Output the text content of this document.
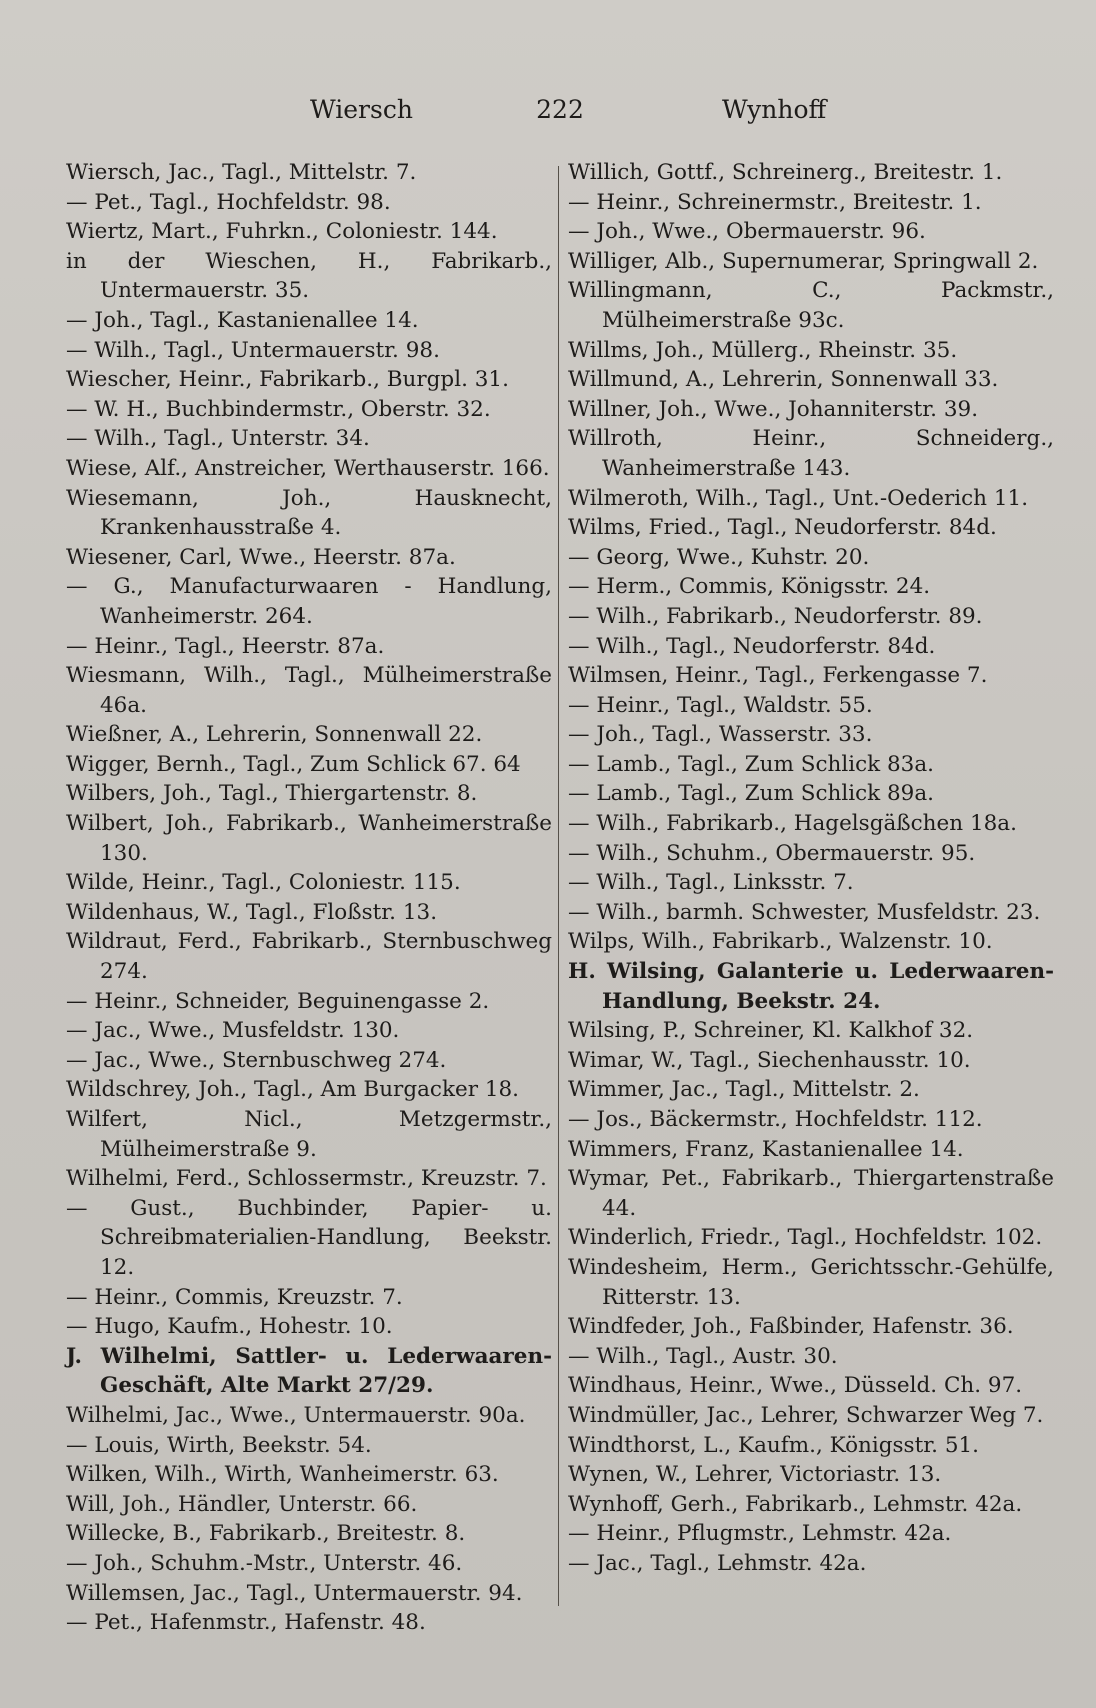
Wiersch	222	Wynhoff

Wiersch, Jac., Tagl., Mittelstr. 7.

— Pet., Tagl., Hochfeldstr. 98.

Wiertz, Mart., Fuhrkn., Coloniestr. 144.

in der Wieschen, H., Fabrikarb., Untermauerstr. 35.

— Joh., Tagl., Kastanienallee 14.

— Wilh., Tagl., Untermauerstr. 98.

Wiescher, Heinr., Fabrikarb., Burgpl. 31.

— W. H., Buchbindermstr., Oberstr. 32.

— Wilh., Tagl., Unterstr. 34.

Wiese, Alf., Anstreicher, Werthauserstr. 166.

Wiesemann, Joh., Hausknecht, Krankenhausstraße 4.

Wiesener, Carl, Wwe., Heerstr. 87a.

— G., Manufacturwaaren - Handlung, Wanheimerstr. 264.

— Heinr., Tagl., Heerstr. 87a.

Wiesmann, Wilh., Tagl., Mülheimerstraße 46a.

Wießner, A., Lehrerin, Sonnenwall 22.

Wigger, Bernh., Tagl., Zum Schlick 67. 64

Wilbers, Joh., Tagl., Thiergartenstr. 8.

Wilbert, Joh., Fabrikarb., Wanheimerstraße 130.

Wilde, Heinr., Tagl., Coloniestr. 115.

Wildenhaus, W., Tagl., Floßstr. 13.

Wildraut, Ferd., Fabrikarb., Sternbuschweg 274.

— Heinr., Schneider, Beguinengasse 2.

— Jac., Wwe., Musfeldstr. 130.

— Jac., Wwe., Sternbuschweg 274.

Wildschrey, Joh., Tagl., Am Burgacker 18.

Wilfert, Nicl., Metzgermstr., Mülheimerstraße 9.

Wilhelmi, Ferd., Schlossermstr., Kreuzstr. 7.

— Gust., Buchbinder, Papier- u. Schreibmaterialien-Handlung, Beekstr. 12.

— Heinr., Commis, Kreuzstr. 7.

— Hugo, Kaufm., Hohestr. 10.

J. Wilhelmi, Sattler- u. Lederwaaren-Geschäft, Alte Markt 27/29.

Wilhelmi, Jac., Wwe., Untermauerstr. 90a.

— Louis, Wirth, Beekstr. 54.

Wilken, Wilh., Wirth, Wanheimerstr. 63.

Will, Joh., Händler, Unterstr. 66.

Willecke, B., Fabrikarb., Breitestr. 8.

— Joh., Schuhm.-Mstr., Unterstr. 46.

Willemsen, Jac., Tagl., Untermauerstr. 94.

— Pet., Hafenmstr., Hafenstr. 48.

Willich, Gottf., Schreinerg., Breitestr. 1.

— Heinr., Schreinermstr., Breitestr. 1.

— Joh., Wwe., Obermauerstr. 96.

Williger, Alb., Supernumerar, Springwall 2.

Willingmann, C., Packmstr., Mülheimerstraße 93c.

Willms, Joh., Müllerg., Rheinstr. 35.

Willmund, A., Lehrerin, Sonnenwall 33.

Willner, Joh., Wwe., Johanniterstr. 39.

Willroth, Heinr., Schneiderg., Wanheimerstraße 143.

Wilmeroth, Wilh., Tagl., Unt.-Oederich 11.

Wilms, Fried., Tagl., Neudorferstr. 84d.

— Georg, Wwe., Kuhstr. 20.

— Herm., Commis, Königsstr. 24.

— Wilh., Fabrikarb., Neudorferstr. 89.

— Wilh., Tagl., Neudorferstr. 84d.

Wilmsen, Heinr., Tagl., Ferkengasse 7.

— Heinr., Tagl., Waldstr. 55.

— Joh., Tagl., Wasserstr. 33.

— Lamb., Tagl., Zum Schlick 83a.

— Lamb., Tagl., Zum Schlick 89a.

— Wilh., Fabrikarb., Hagelsgäßchen 18a.

— Wilh., Schuhm., Obermauerstr. 95.

— Wilh., Tagl., Linksstr. 7.

— Wilh., barmh. Schwester, Musfeldstr. 23.

Wilps, Wilh., Fabrikarb., Walzenstr. 10.

H. Wilsing, Galanterie u. Lederwaaren-Handlung, Beekstr. 24.

Wilsing, P., Schreiner, Kl. Kalkhof 32.

Wimar, W., Tagl., Siechenhausstr. 10.

Wimmer, Jac., Tagl., Mittelstr. 2.

— Jos., Bäckermstr., Hochfeldstr. 112.

Wimmers, Franz, Kastanienallee 14.

Wymar, Pet., Fabrikarb., Thiergartenstraße 44.

Winderlich, Friedr., Tagl., Hochfeldstr. 102.

Windesheim, Herm., Gerichtsschr.-Gehülfe, Ritterstr. 13.

Windfeder, Joh., Faßbinder, Hafenstr. 36.

— Wilh., Tagl., Austr. 30.

Windhaus, Heinr., Wwe., Düsseld. Ch. 97.

Windmüller, Jac., Lehrer, Schwarzer Weg 7.

Windthorst, L., Kaufm., Königsstr. 51.

Wynen, W., Lehrer, Victoriastr. 13.

Wynhoff, Gerh., Fabrikarb., Lehmstr. 42a.

— Heinr., Pflugmstr., Lehmstr. 42a.

— Jac., Tagl., Lehmstr. 42a.
